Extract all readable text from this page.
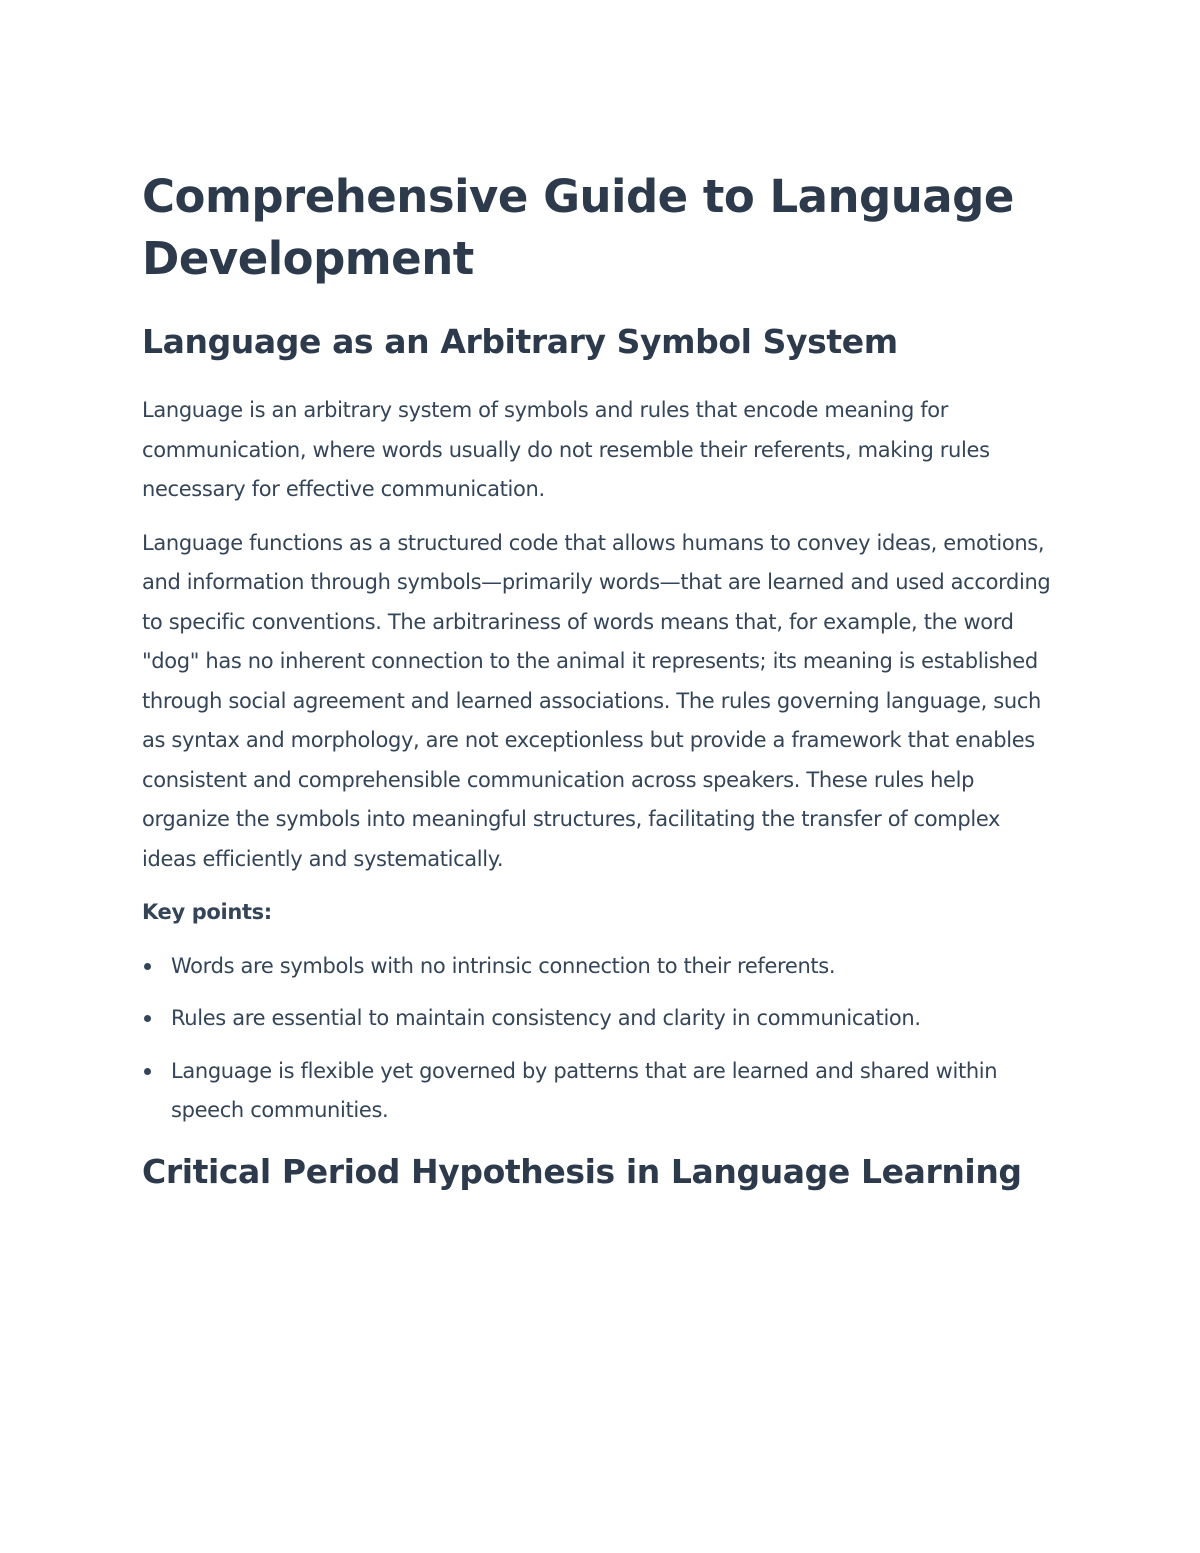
Comprehensive Guide to Language Development
Language as an Arbitrary Symbol System

Language is an arbitrary system of symbols and rules that encode meaning for communication, where words usually do not resemble their referents, making rules necessary for effective communication.

Language functions as a structured code that allows humans to convey ideas, emotions, and information through symbols—primarily words—that are learned and used according to specific conventions. The arbitrariness of words means that, for example, the word "dog" has no inherent connection to the animal it represents; its meaning is established through social agreement and learned associations. The rules governing language, such as syntax and morphology, are not exceptionless but provide a framework that enables consistent and comprehensible communication across speakers. These rules help organize the symbols into meaningful structures, facilitating the transfer of complex ideas efficiently and systematically.

Key points:

Words are symbols with no intrinsic connection to their referents.
Rules are essential to maintain consistency and clarity in communication.
Language is flexible yet governed by patterns that are learned and shared within speech communities.
Critical Period Hypothesis in Language Learning
